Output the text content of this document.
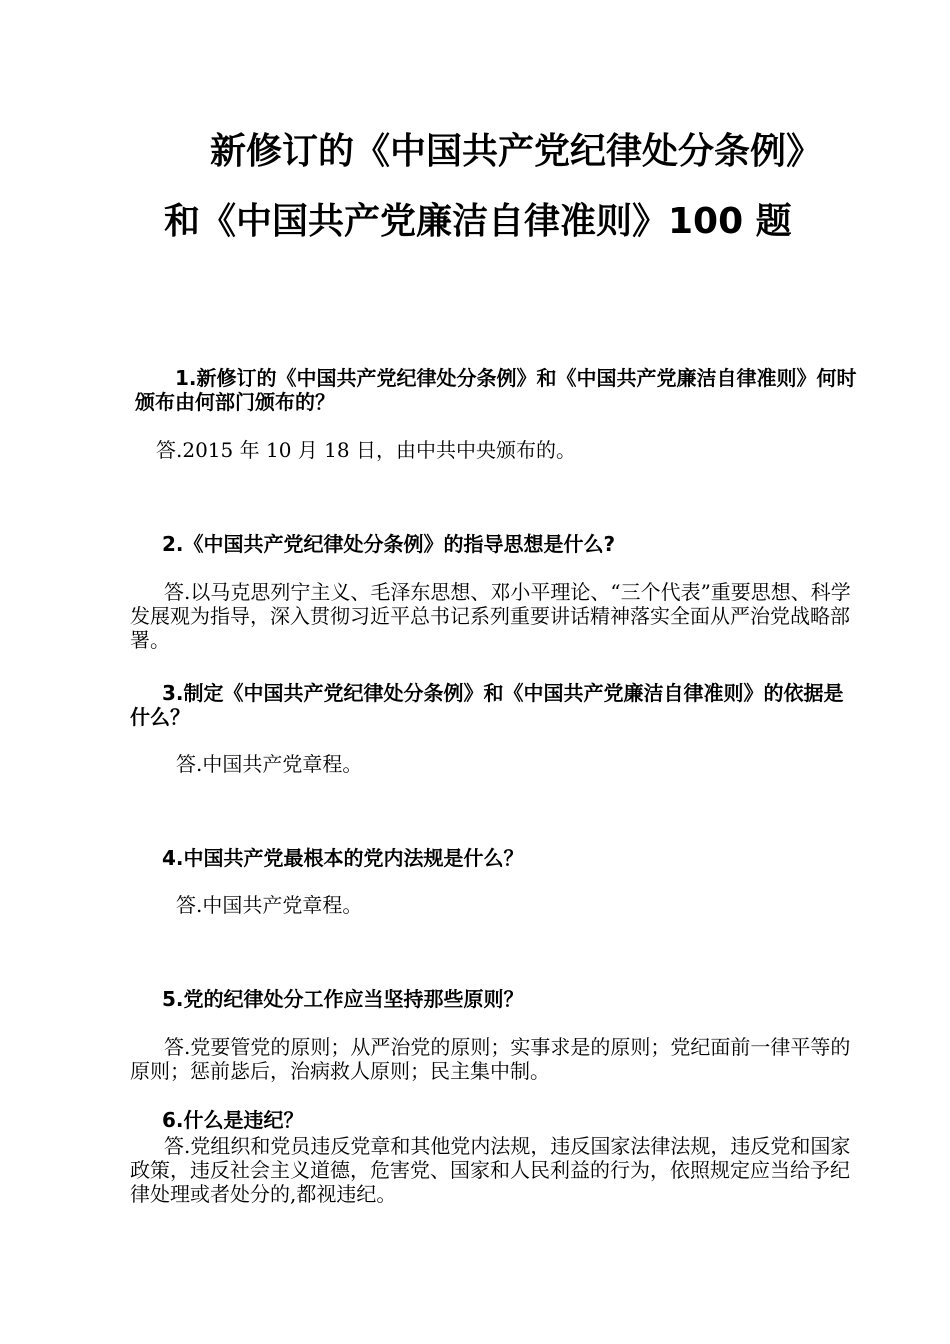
新修订的《中国共产党纪律处分条例》
和《中国共产党廉洁自律准则》100 题
1.新修订的《中国共产党纪律处分条例》和《中国共产党廉洁自律准则》何时颁布由何部门颁布的？
答.2015 年 10 月 18 日，由中共中央颁布的。
2.《中国共产党纪律处分条例》的指导思想是什么?
答.以马克思列宁主义、毛泽东思想、邓小平理论、“三个代表”重要思想、科学发展观为指导，深入贯彻习近平总书记系列重要讲话精神落实全面从严治党战略部署。
3.制定《中国共产党纪律处分条例》和《中国共产党廉洁自律准则》的依据是什么？
答.中国共产党章程。
4.中国共产党最根本的党内法规是什么？
答.中国共产党章程。
5.党的纪律处分工作应当坚持那些原则？
答.党要管党的原则；从严治党的原则；实事求是的原则；党纪面前一律平等的原则；惩前毖后，治病救人原则；民主集中制。
6.什么是违纪？
答.党组织和党员违反党章和其他党内法规，违反国家法律法规，违反党和国家政策，违反社会主义道德，危害党、国家和人民利益的行为，依照规定应当给予纪律处理或者处分的,都视违纪。
